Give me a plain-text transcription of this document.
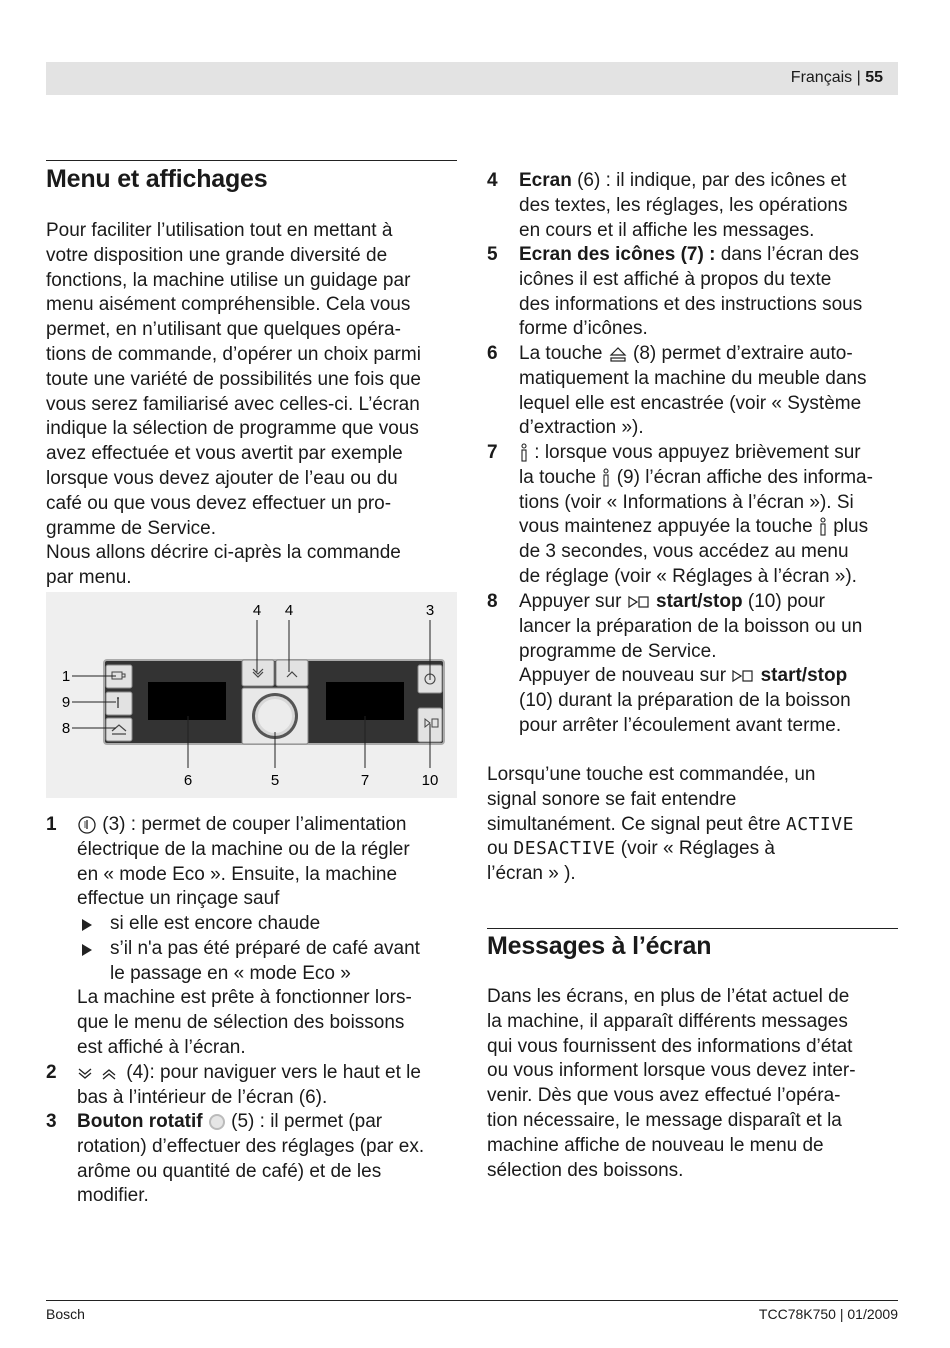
Français | 55
Menu et affichages
Pour faciliter l’utilisation tout en mettant à
votre disposition une grande diversité de
fonctions, la machine utilise un guidage par
menu aisément compréhensible. Cela vous
permet, en n’utilisant que quelques opéra-
tions de commande, d’opérer un choix parmi
toute une variété de possibilités une fois que
vous serez familiarisé avec celles-ci. L’écran
indique la sélection de programme que vous
avez effectuée et vous avertit par exemple
lorsque vous devez ajouter de l’eau ou du
café ou que vous devez effectuer un pro-
gramme de Service.
Nous allons décrire ci-après la commande
par menu.
4 4	3
1
9
8
6	5	7	10
1	(3) : permet de couper l’alimentation
électrique de la machine ou de la régler
en « mode Eco ». Ensuite, la machine
effectue un rinçage sauf
si elle est encore chaude
s’il n'a pas été préparé de café avant
le passage en « mode Eco »
La machine est prête à fonctionner lors-
que le menu de sélection des boissons
est affiché à l’écran.
2	(4): pour naviguer vers le haut et le
bas à l’intérieur de l’écran (6).
3 Bouton rotatif (5) : il permet (par
rotation) d’effectuer des réglages (par ex.
arôme ou quantité de café) et de les
modifier.
4 Ecran (6) : il indique, par des icônes et
des textes, les réglages, les opérations
en cours et il affiche les messages.
5 Ecran des icônes (7) : dans l’écran des
icônes il est affiché à propos du texte
des informations et des instructions sous
forme d’icônes.
6 La touche (8) permet d’extraire auto-
matiquement la machine du meuble dans
lequel elle est encastrée (voir « Système
d’extraction »).
7	: lorsque vous appuyez brièvement sur
la touche (9) l’écran affiche des informa-
tions (voir « Informations à l’écran »). Si
vous maintenez appuyée la touche plus
de 3 secondes, vous accédez au menu
de réglage (voir « Réglages à l’écran »).
8 Appuyer sur start/stop (10) pour
lancer la préparation de la boisson ou un
programme de Service.
Appuyer de nouveau sur start/stop
(10) durant la préparation de la boisson
pour arrêter l’écoulement avant terme.
Lorsqu’une touche est commandée, un
signal sonore se fait entendre
simultanément. Ce signal peut être ACTIVE
ou DESACTIVE (voir « Réglages à
l’écran » ).
Messages à l’écran
Dans les écrans, en plus de l’état actuel de
la machine, il apparaît différents messages
qui vous fournissent des informations d’état
ou vous informent lorsque vous devez inter-
venir. Dès que vous avez effectué l’opéra-
tion nécessaire, le message disparaît et la
machine affiche de nouveau le menu de
sélection des boissons.
Bosch	TCC78K750 | 01/2009
